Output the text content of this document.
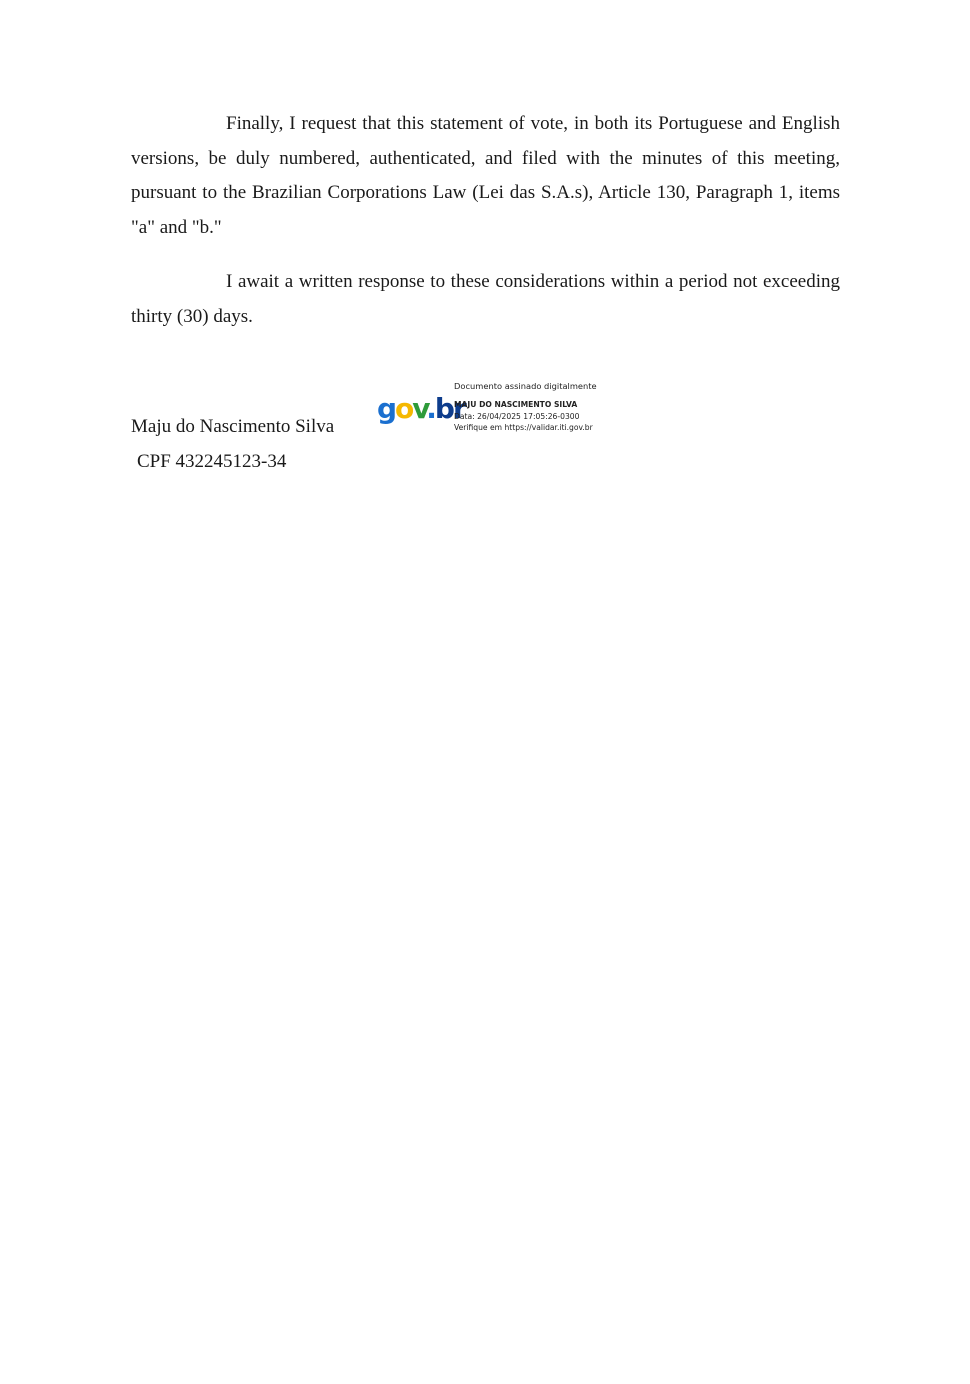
Finally, I request that this statement of vote, in both its Portuguese and English versions, be duly numbered, authenticated, and filed with the minutes of this meeting, pursuant to the Brazilian Corporations Law (Lei das S.A.s), Article 130, Paragraph 1, items "a" and "b."

I await a written response to these considerations within a period not exceeding thirty (30) days.

Maju do Nascimento Silva

CPF 432245123-34

gov.br
Documento assinado digitalmente
MAJU DO NASCIMENTO SILVA
Data: 26/04/2025 17:05:26-0300
Verifique em https://validar.iti.gov.br
